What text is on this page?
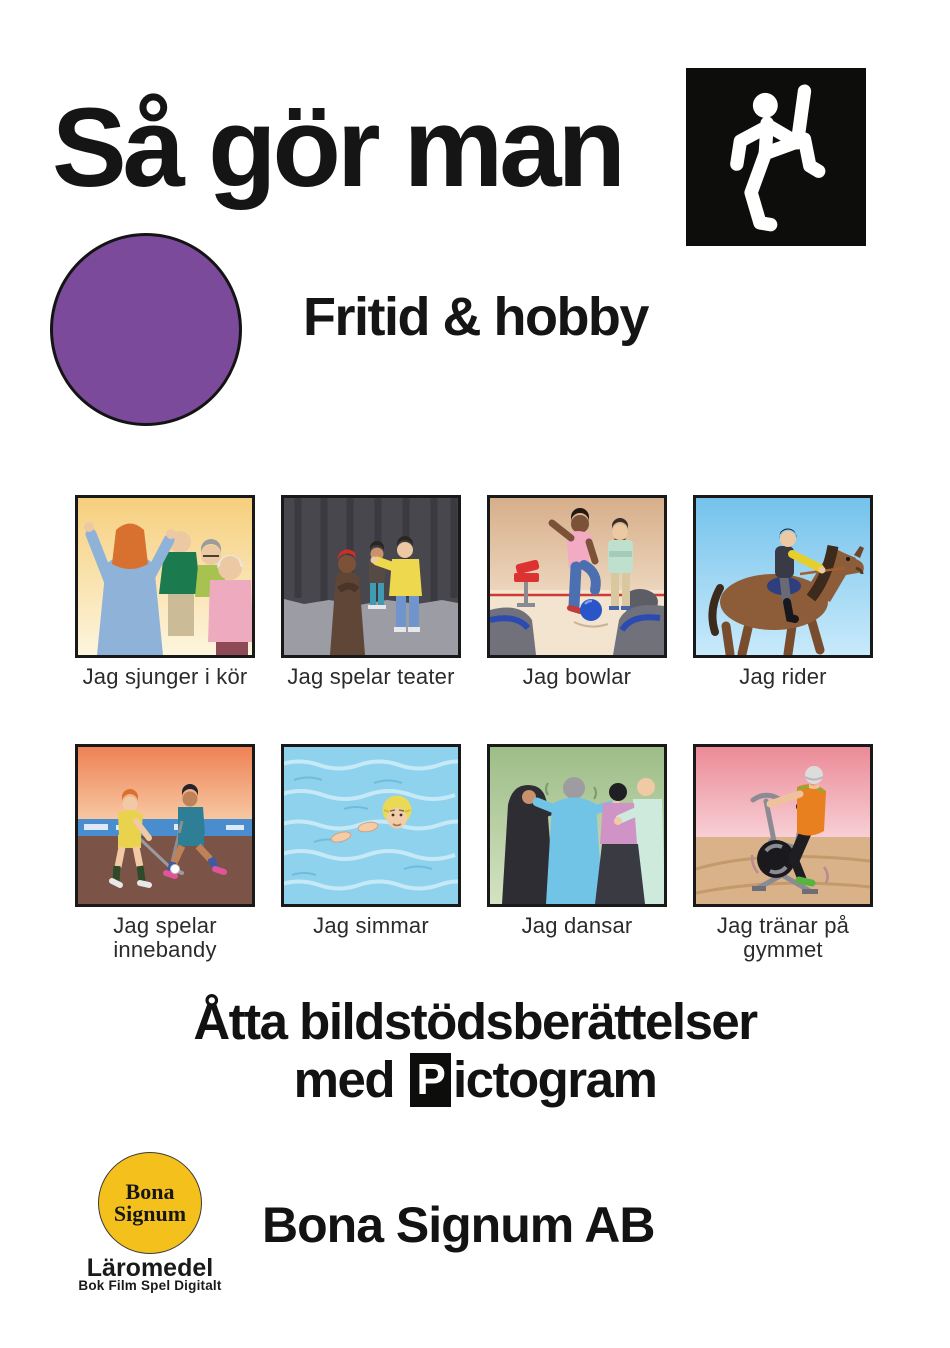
Så gör man
Fritid & hobby
Jag sjunger i kör	Jag spelar teater	Jag bowlar	Jag rider
Jag spelar innebandy
Jag simmar	Jag dansar	Jag tränar på gymmet
Åtta bildstödsberättelser
med P ictogram
Bona
Signum
Läromedel
Bok Film Spel Digitalt
Bona Signum AB
